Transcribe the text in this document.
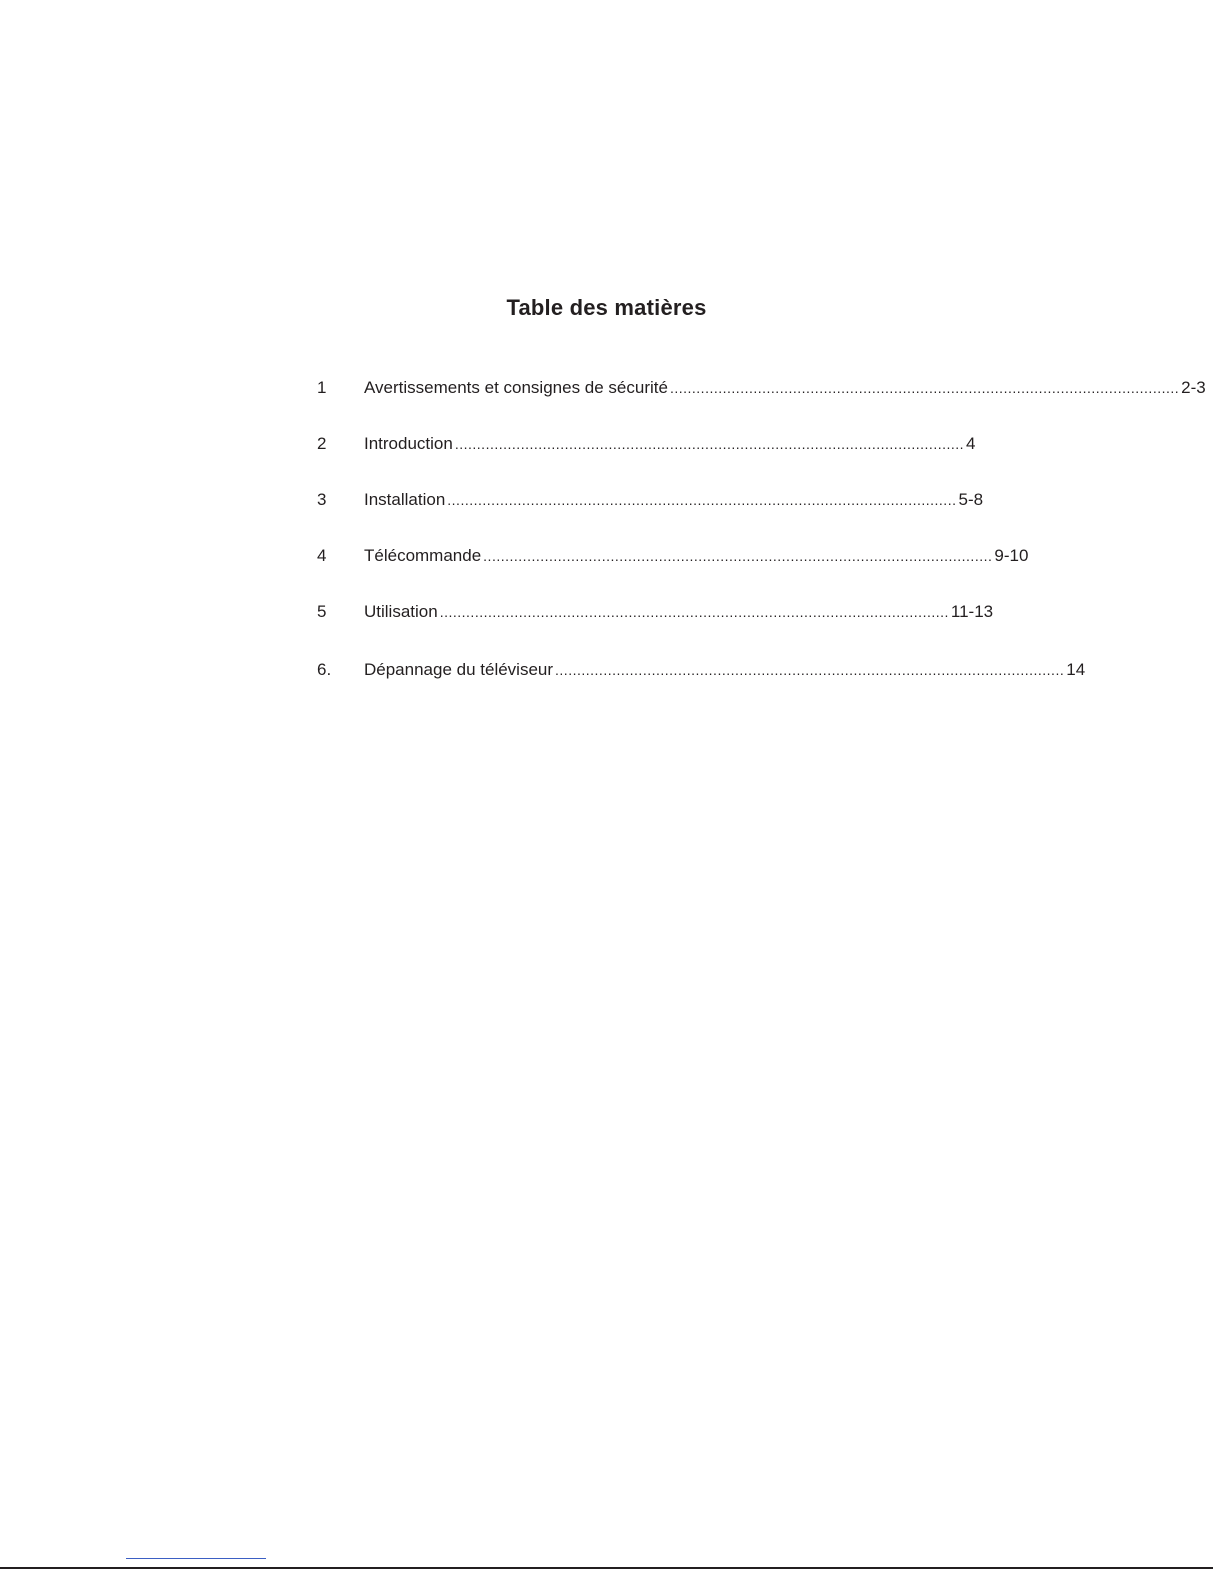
Table des matières
1	Avertissements et consignes de sécurité .................................................................................................................... 2-3
2	Introduction .................................................................................................................... 4
3	Installation .................................................................................................................... 5-8
4	Télécommande .................................................................................................................... 9-10
5	Utilisation .................................................................................................................... 11-13
6.	Dépannage du téléviseur .................................................................................................................... 14
